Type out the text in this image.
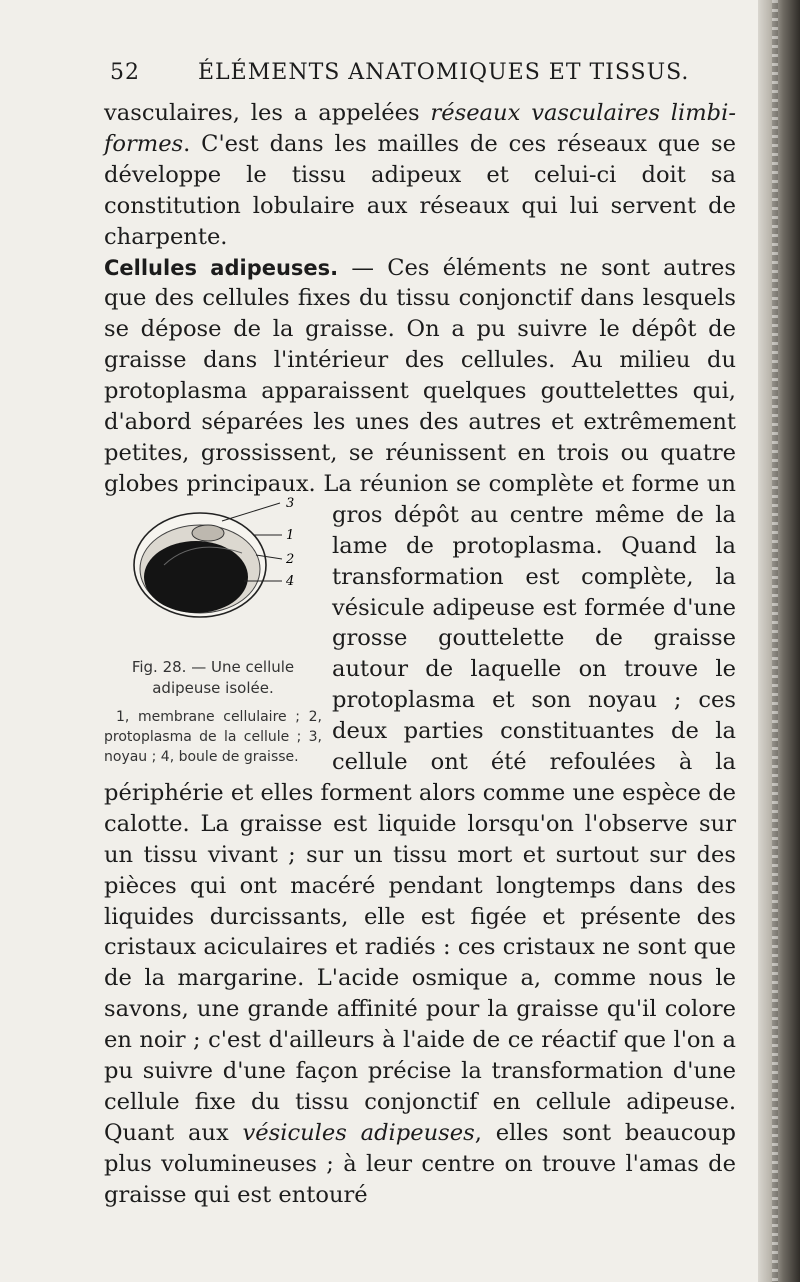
52	ÉLÉMENTS ANATOMIQUES ET TISSUS.

vasculaires, les a appelées réseaux vasculaires limbi-formes. C'est dans les mailles de ces réseaux que se développe le tissu adipeux et celui-ci doit sa constitution lobulaire aux réseaux qui lui servent de charpente.

Cellules adipeuses. — Ces éléments ne sont autres que des cellules fixes du tissu conjonctif dans lesquels se dépose de la graisse. On a pu suivre le dépôt de graisse dans l'intérieur des cellules. Au milieu du protoplasma apparaissent quelques gouttelettes qui, d'abord séparées les unes des autres et extrêmement petites, grossissent, se réunissent en trois ou quatre globes prin
3
1
2
4
Fig. 28. — Une cellule adipeuse isolée.
1, membrane cellulaire ; 2, protoplasma de la cellule ; 3, noyau ; 4, boule de graisse.
cipaux. La réunion se complète et forme un gros dépôt au centre même de la lame de protoplasma. Quand la transformation est complète, la vésicule adipeuse est formée d'une grosse gouttelette de graisse autour de laquelle on trouve le protoplasma et son noyau ; ces deux parties constituantes de la cellule ont été refoulées à la périphérie et elles forment alors comme une espèce de calotte. La graisse est liquide lorsqu'on l'observe sur un tissu vivant ; sur un tissu mort et surtout sur des pièces qui ont macéré pendant longtemps dans des liquides durcissants, elle est figée et présente des cristaux aciculaires et radiés : ces cristaux ne sont que de la margarine. L'acide osmique a, comme nous le savons, une grande affinité pour la graisse qu'il colore en noir ; c'est d'ailleurs à l'aide de ce réactif que l'on a pu suivre d'une façon précise la transformation d'une cellule fixe du tissu conjonctif en cellule adipeuse. Quant aux vésicules adipeuses, elles sont beaucoup plus volumineuses ; à leur centre on trouve l'amas de graisse qui est entouré
